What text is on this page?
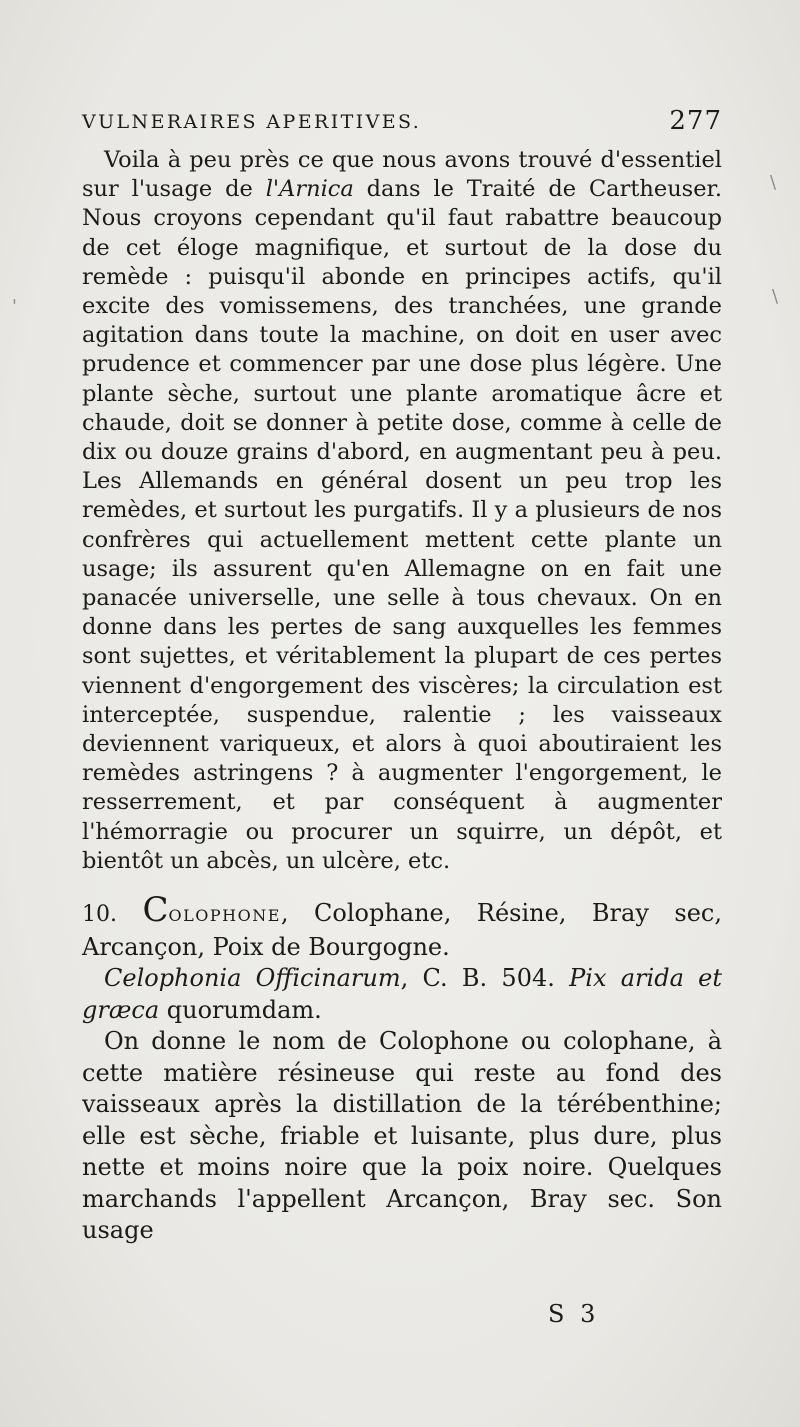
VULNERAIRES APERITIVES.	277

Voila à peu près ce que nous avons trouvé d'essentiel sur l'usage de l'Arnica dans le Traité de Cartheuser. Nous croyons cependant qu'il faut rabattre beaucoup de cet éloge magnifique, et surtout de la dose du remède : puisqu'il abonde en principes actifs, qu'il excite des vomissemens, des tranchées, une grande agitation dans toute la machine, on doit en user avec prudence et commencer par une dose plus légère. Une plante sèche, surtout une plante aromatique âcre et chaude, doit se donner à petite dose, comme à celle de dix ou douze grains d'abord, en augmentant peu à peu. Les Allemands en général dosent un peu trop les remèdes, et surtout les purgatifs. Il y a plusieurs de nos confrères qui actuellement mettent cette plante un usage; ils assurent qu'en Allemagne on en fait une panacée universelle, une selle à tous chevaux. On en donne dans les pertes de sang auxquelles les femmes sont sujettes, et véritablement la plupart de ces pertes viennent d'engorgement des viscères; la circulation est interceptée, suspendue, ralentie ; les vaisseaux deviennent variqueux, et alors à quoi aboutiraient les remèdes astringens ? à augmenter l'engorgement, le resserrement, et par conséquent à augmenter l'hémorragie ou procurer un squirre, un dépôt, et bientôt un abcès, un ulcère, etc.

10. COLOPHONE, Colophane, Résine, Bray sec, Arcançon, Poix de Bourgogne.

Celophonia Officinarum, C. B. 504. Pix arida et græca quorumdam.

On donne le nom de Colophone ou colophane, à cette matière résineuse qui reste au fond des vaisseaux après la distillation de la térébenthine; elle est sèche, friable et luisante, plus dure, plus nette et moins noire que la poix noire. Quelques marchands l'appellent Arcançon, Bray sec. Son usage

S 3
'
\
\
